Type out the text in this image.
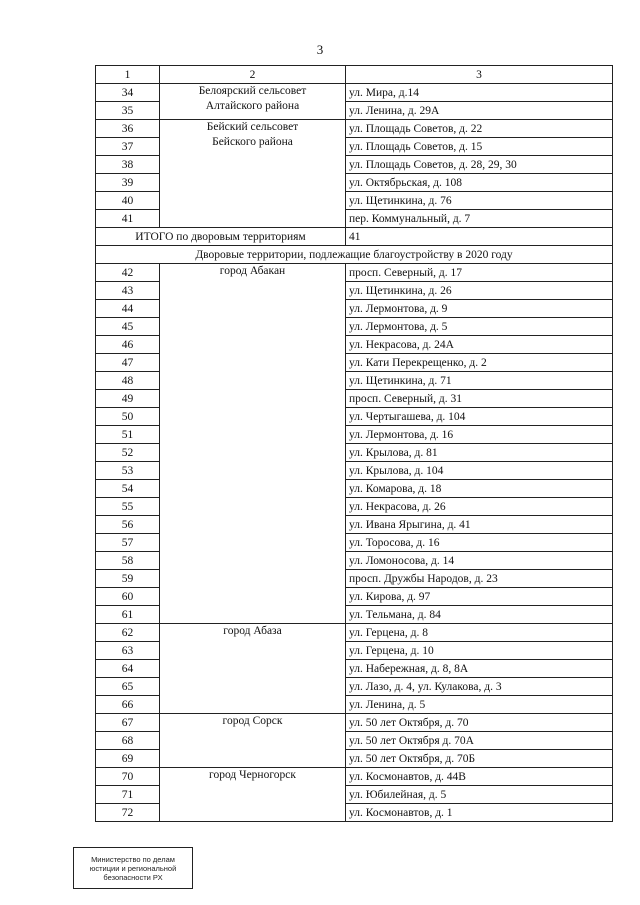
3
1	2	3
34	Белоярский сельсовет
Алтайского района	ул. Мира, д.14
35		ул. Ленина, д. 29А
36	Бейский сельсовет
Бейского района	ул. Площадь Советов, д. 22
37		ул. Площадь Советов, д. 15
38		ул. Площадь Советов, д. 28, 29, 30
39		ул. Октябрьская, д. 108
40		ул. Щетинкина, д. 76
41		пер. Коммунальный, д. 7
ИТОГО по дворовым территориям		41
Дворовые территории, подлежащие благоустройству в 2020 году		
42	город Абакан	просп. Северный, д. 17
43		ул. Щетинкина, д. 26
44		ул. Лермонтова, д. 9
45		ул. Лермонтова, д. 5
46		ул. Некрасова, д. 24А
47		ул. Кати Перекрещенко, д. 2
48		ул. Щетинкина, д. 71
49		просп. Северный, д. 31
50		ул. Чертыгашева, д. 104
51		ул. Лермонтова, д. 16
52		ул. Крылова, д. 81
53		ул. Крылова, д. 104
54		ул. Комарова, д. 18
55		ул. Некрасова, д. 26
56		ул. Ивана Ярыгина, д. 41
57		ул. Торосова, д. 16
58		ул. Ломоносова, д. 14
59		просп. Дружбы Народов, д. 23
60		ул. Кирова, д. 97
61		ул. Тельмана, д. 84
62	город Абаза	ул. Герцена, д. 8
63		ул. Герцена, д. 10
64		ул. Набережная, д. 8, 8А
65		ул. Лазо, д. 4, ул. Кулакова, д. 3
66		ул. Ленина, д. 5
67	город Сорск	ул. 50 лет Октября, д. 70
68		ул. 50 лет Октября д. 70А
69		ул. 50 лет Октября, д. 70Б
70	город Черногорск	ул. Космонавтов, д. 44В
71		ул. Юбилейная, д. 5
72		ул. Космонавтов, д. 1
Министерство по делам
юстиции и региональной
безопасности РХ
